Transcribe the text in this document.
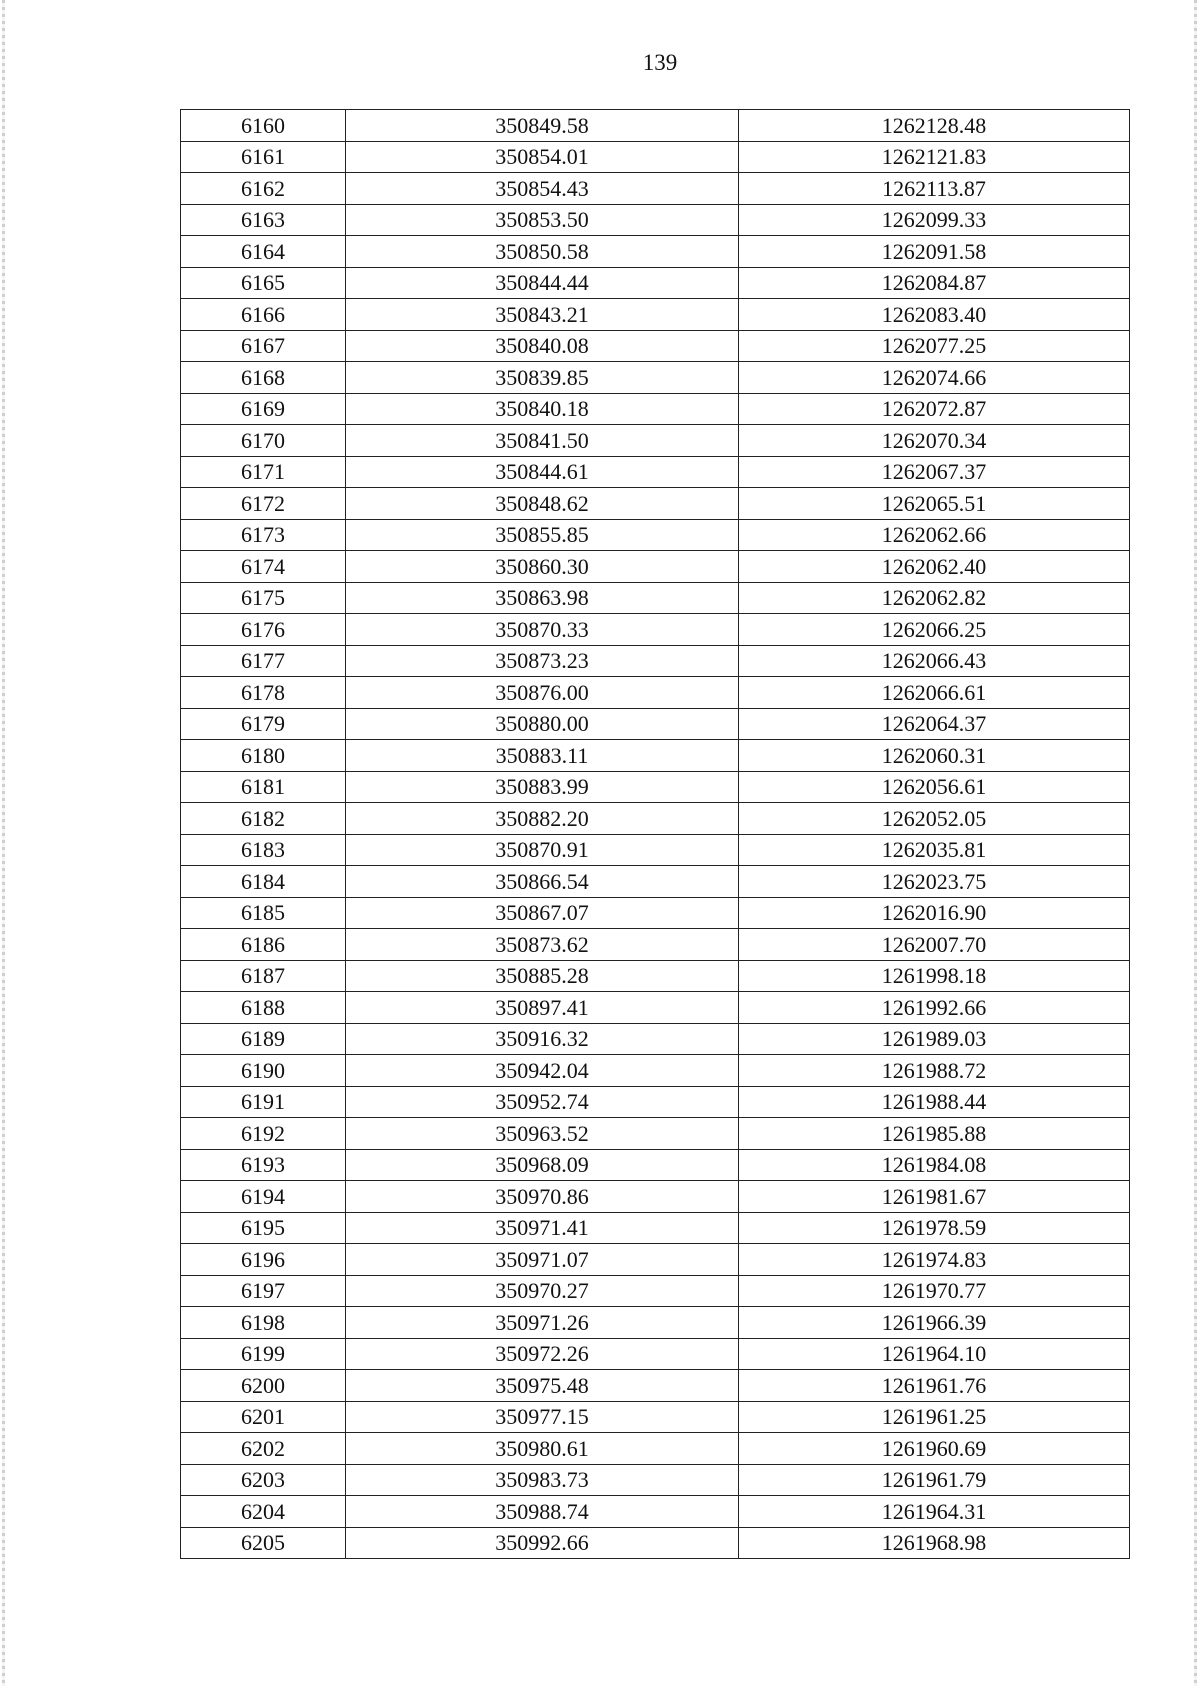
139
6160	350849.58	1262128.48
6161	350854.01	1262121.83
6162	350854.43	1262113.87
6163	350853.50	1262099.33
6164	350850.58	1262091.58
6165	350844.44	1262084.87
6166	350843.21	1262083.40
6167	350840.08	1262077.25
6168	350839.85	1262074.66
6169	350840.18	1262072.87
6170	350841.50	1262070.34
6171	350844.61	1262067.37
6172	350848.62	1262065.51
6173	350855.85	1262062.66
6174	350860.30	1262062.40
6175	350863.98	1262062.82
6176	350870.33	1262066.25
6177	350873.23	1262066.43
6178	350876.00	1262066.61
6179	350880.00	1262064.37
6180	350883.11	1262060.31
6181	350883.99	1262056.61
6182	350882.20	1262052.05
6183	350870.91	1262035.81
6184	350866.54	1262023.75
6185	350867.07	1262016.90
6186	350873.62	1262007.70
6187	350885.28	1261998.18
6188	350897.41	1261992.66
6189	350916.32	1261989.03
6190	350942.04	1261988.72
6191	350952.74	1261988.44
6192	350963.52	1261985.88
6193	350968.09	1261984.08
6194	350970.86	1261981.67
6195	350971.41	1261978.59
6196	350971.07	1261974.83
6197	350970.27	1261970.77
6198	350971.26	1261966.39
6199	350972.26	1261964.10
6200	350975.48	1261961.76
6201	350977.15	1261961.25
6202	350980.61	1261960.69
6203	350983.73	1261961.79
6204	350988.74	1261964.31
6205	350992.66	1261968.98
